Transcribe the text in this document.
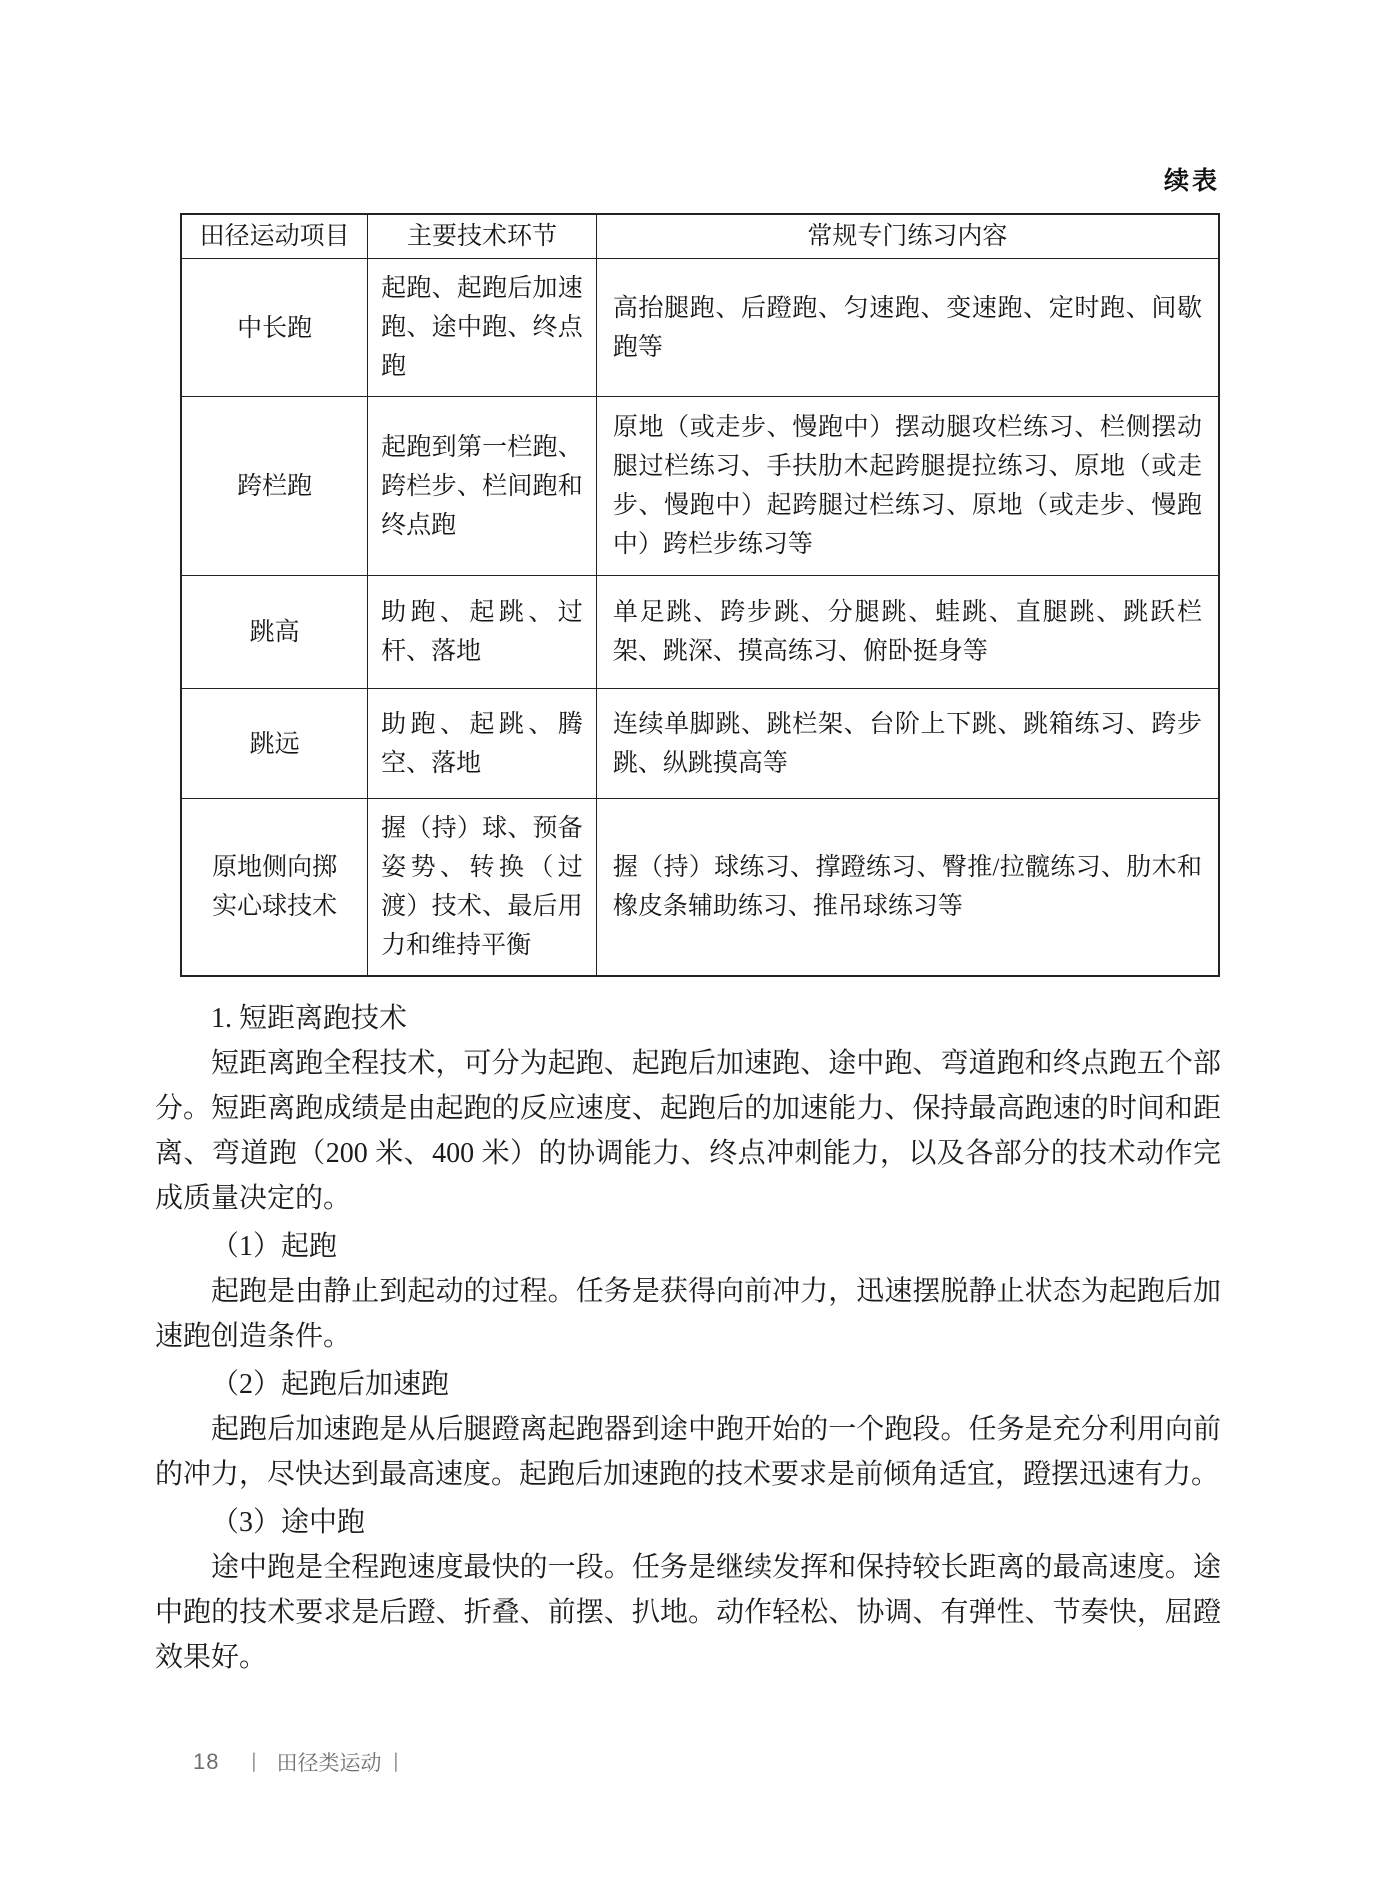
续表
田径运动项目	主要技术环节	常规专门练习内容
中长跑	起跑、起跑后加速跑、途中跑、终点跑	高抬腿跑、后蹬跑、匀速跑、变速跑、定时跑、间歇跑等
跨栏跑	起跑到第一栏跑、跨栏步、栏间跑和终点跑	原地（或走步、慢跑中）摆动腿攻栏练习、栏侧摆动腿过栏练习、手扶肋木起跨腿提拉练习、原地（或走步、慢跑中）起跨腿过栏练习、原地（或走步、慢跑中）跨栏步练习等
跳高	助跑、起跳、过杆、落地	单足跳、跨步跳、分腿跳、蛙跳、直腿跳、跳跃栏架、跳深、摸高练习、俯卧挺身等
跳远	助跑、起跳、腾空、落地	连续单脚跳、跳栏架、台阶上下跳、跳箱练习、跨步跳、纵跳摸高等
原地侧向掷实心球技术	握（持）球、预备姿势、转换（过渡）技术、最后用力和维持平衡	握（持）球练习、撑蹬练习、臀推/拉髋练习、肋木和橡皮条辅助练习、推吊球练习等
1. 短距离跑技术

短距离跑全程技术，可分为起跑、起跑后加速跑、途中跑、弯道跑和终点跑五个部分。短距离跑成绩是由起跑的反应速度、起跑后的加速能力、保持最高跑速的时间和距离、弯道跑（200 米、400 米）的协调能力、终点冲刺能力，以及各部分的技术动作完成质量决定的。

（1）起跑

起跑是由静止到起动的过程。任务是获得向前冲力，迅速摆脱静止状态为起跑后加速跑创造条件。

（2）起跑后加速跑

起跑后加速跑是从后腿蹬离起跑器到途中跑开始的一个跑段。任务是充分利用向前的冲力，尽快达到最高速度。起跑后加速跑的技术要求是前倾角适宜，蹬摆迅速有力。

（3）途中跑

途中跑是全程跑速度最快的一段。任务是继续发挥和保持较长距离的最高速度。途中跑的技术要求是后蹬、折叠、前摆、扒地。动作轻松、协调、有弹性、节奏快，屈蹬效果好。

18 丨 田径类运动 丨
